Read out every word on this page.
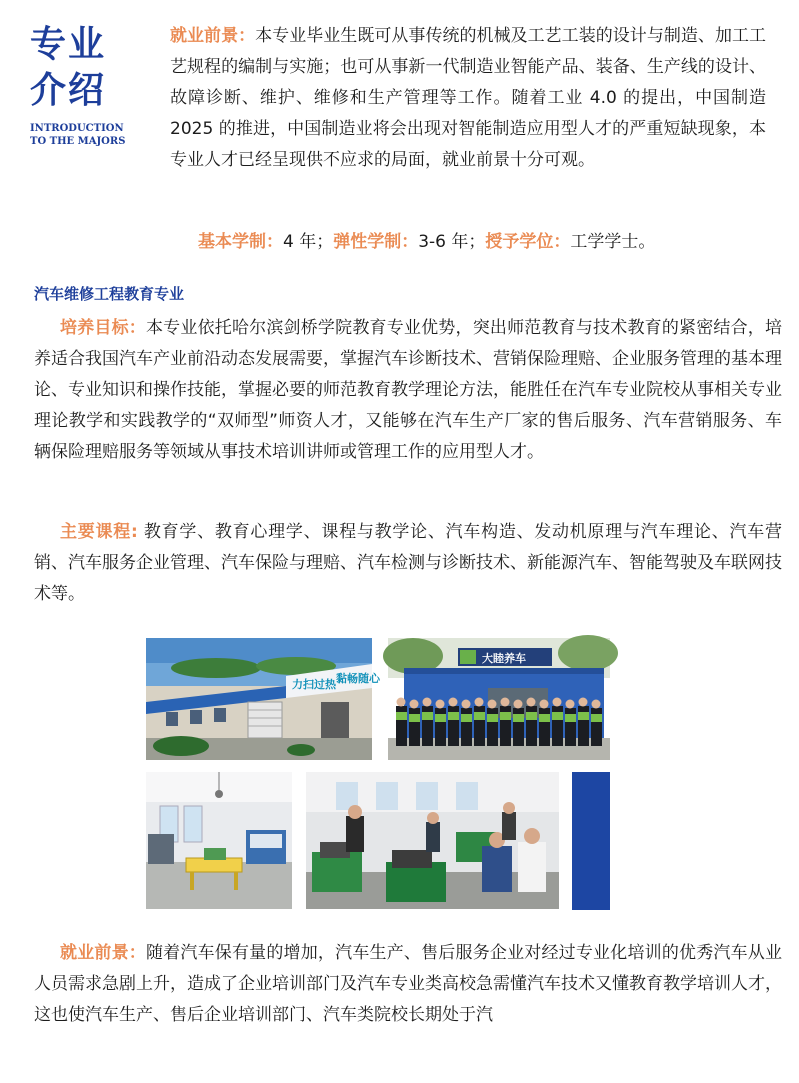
专业
介绍
INTRODUCTION
TO THE MAJORS

就业前景：本专业毕业生既可从事传统的机械及工艺工装的设计与制造、加工工艺规程的编制与实施；也可从事新一代制造业智能产品、装备、生产线的设计、故障诊断、维护、维修和生产管理等工作。随着工业 4.0 的提出，中国制造 2025 的推进，中国制造业将会出现对智能制造应用型人才的严重短缺现象，本专业人才已经呈现供不应求的局面，就业前景十分可观。

基本学制：4 年；弹性学制：3-6 年；授予学位：工学学士。

汽车维修工程教育专业

培养目标：本专业依托哈尔滨剑桥学院教育专业优势，突出师范教育与技术教育的紧密结合，培养适合我国汽车产业前沿动态发展需要，掌握汽车诊断技术、营销保险理赔、企业服务管理的基本理论、专业知识和操作技能，掌握必要的师范教育教学理论方法，能胜任在汽车专业院校从事相关专业理论教学和实践教学的“双师型”师资人才，又能够在汽车生产厂家的售后服务、汽车营销服务、车辆保险理赔服务等领域从事技术培训讲师或管理工作的应用型人才。

主要课程: 教育学、教育心理学、课程与教学论、汽车构造、发动机原理与汽车理论、汽车营销、汽车服务企业管理、汽车保险与理赔、汽车检测与诊断技术、新能源汽车、智能驾驶及车联网技术等。

力扫过热 黏畅随心
大睦养车

就业前景：随着汽车保有量的增加，汽车生产、售后服务企业对经过专业化培训的优秀汽车从业人员需求急剧上升，造成了企业培训部门及汽车专业类高校急需懂汽车技术又懂教育教学培训人才，这也使汽车生产、售后企业培训部门、汽车类院校长期处于汽
